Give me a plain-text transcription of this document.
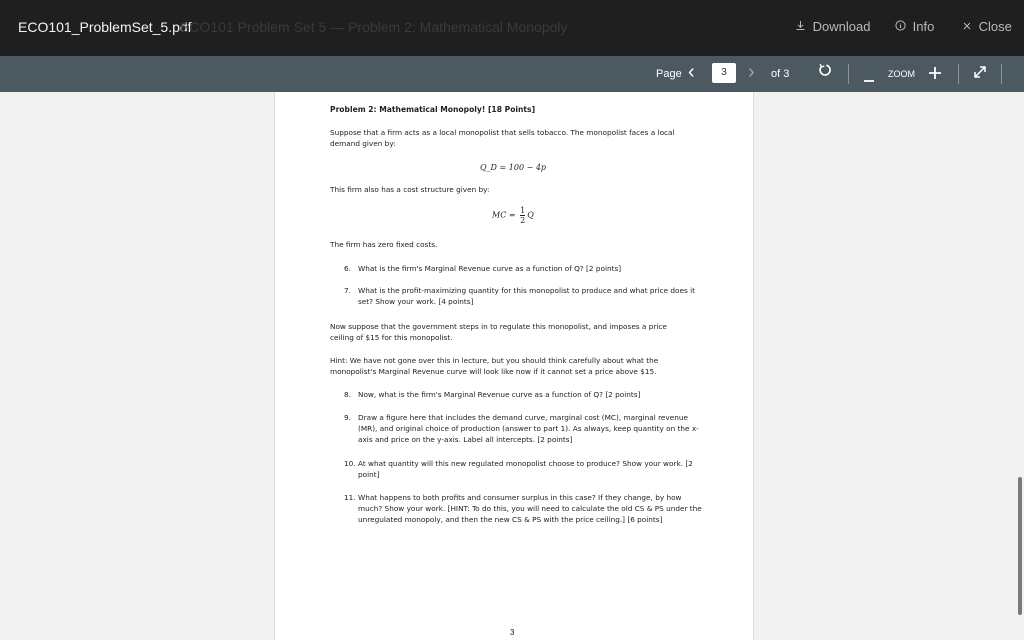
ECO101_ProblemSet_5.pdf
ECO101 Problem Set 5 — Problem 2: Mathematical Monopoly	Download	Info	Close
Page ‹	› of 3	ZOOM
3

Problem 2: Mathematical Monopoly! [18 Points]

Suppose that a firm acts as a local monopolist that sells tobacco. The monopolist faces a local demand given by:

Q_D = 100 − 4p

This firm also has a cost structure given by:

MC = $\frac{1}{2}$ Q

The firm has zero fixed costs.

6. What is the firm's Marginal Revenue curve as a function of Q? [2 points]
7. What is the profit-maximizing quantity for this monopolist to produce and what price does it set? Show your work. [4 points]

Now suppose that the government steps in to regulate this monopolist, and imposes a price ceiling of $15 for this monopolist.

Hint: We have not gone over this in lecture, but you should think carefully about what the monopolist's Marginal Revenue curve will look like now if it cannot set a price above $15.

8. Now, what is the firm's Marginal Revenue curve as a function of Q? [2 points]
9. Draw a figure here that includes the demand curve, marginal cost (MC), marginal revenue (MR), and original choice of production (answer to part 1). As always, keep quantity on the x-axis and price on the y-axis. Label all intercepts. [2 points]
10. At what quantity will this new regulated monopolist choose to produce? Show your work. [2 point]
11. What happens to both profits and consumer surplus in this case? If they change, by how much? Show your work. [HINT: To do this, you will need to calculate the old CS & PS under the unregulated monopoly, and then the new CS & PS with the price ceiling.] [6 points]
3
